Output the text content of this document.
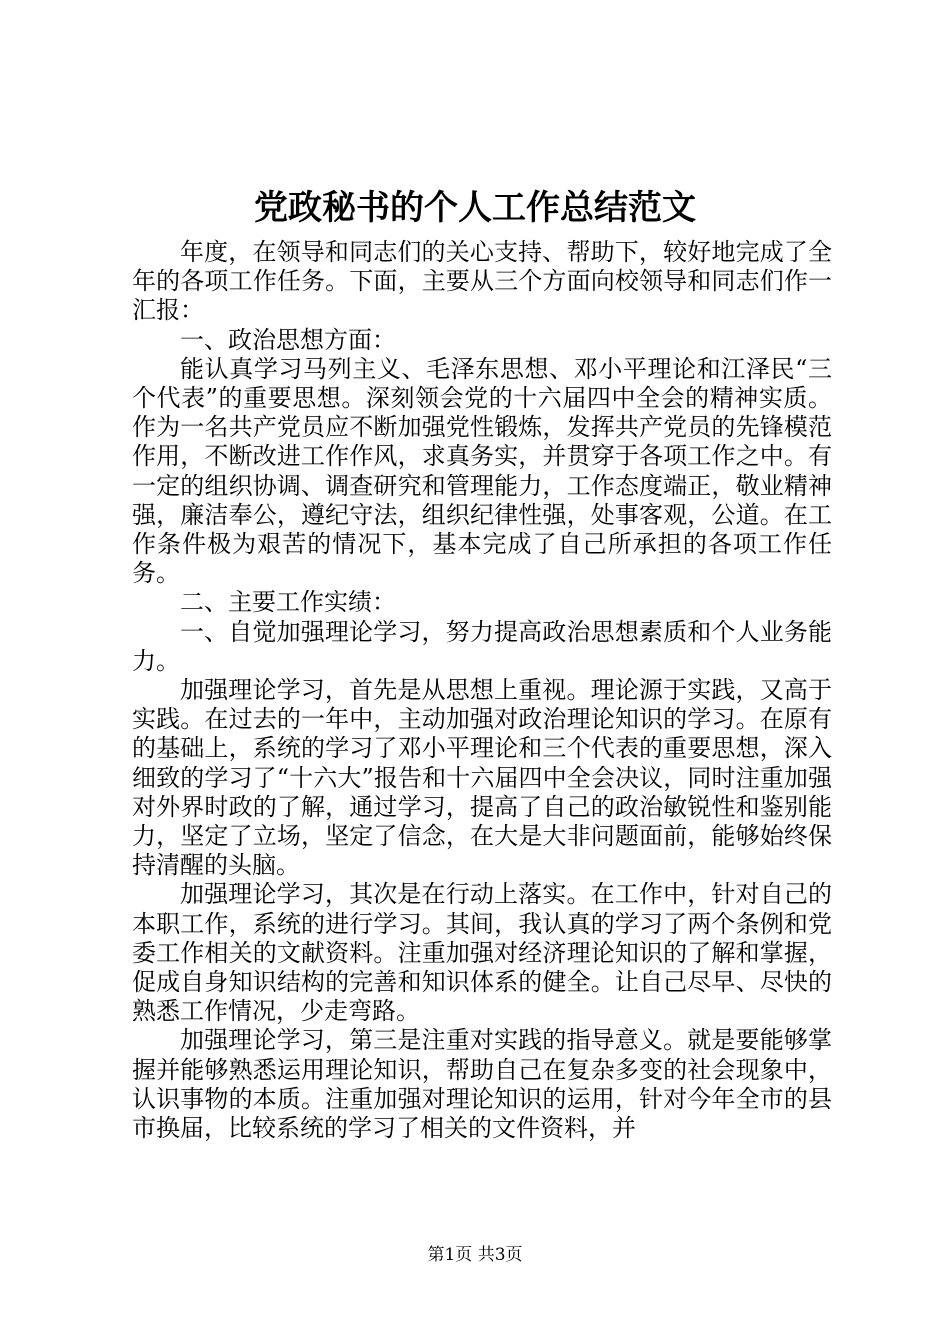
党政秘书的个人工作总结范文

年度，在领导和同志们的关心支持、帮助下，较好地完成了全年的各项工作任务。下面，主要从三个方面向校领导和同志们作一汇报：

一、政治思想方面：

能认真学习马列主义、毛泽东思想、邓小平理论和江泽民“三个代表”的重要思想。深刻领会党的十六届四中全会的精神实质。作为一名共产党员应不断加强党性锻炼，发挥共产党员的先锋模范作用，不断改进工作作风，求真务实，并贯穿于各项工作之中。有一定的组织协调、调查研究和管理能力，工作态度端正，敬业精神强，廉洁奉公，遵纪守法，组织纪律性强，处事客观，公道。在工作条件极为艰苦的情况下，基本完成了自己所承担的各项工作任务。

二、主要工作实绩：

一、自觉加强理论学习，努力提高政治思想素质和个人业务能力。

加强理论学习，首先是从思想上重视。理论源于实践，又高于实践。在过去的一年中，主动加强对政治理论知识的学习。在原有的基础上，系统的学习了邓小平理论和三个代表的重要思想，深入细致的学习了“十六大”报告和十六届四中全会决议，同时注重加强对外界时政的了解，通过学习，提高了自己的政治敏锐性和鉴别能力，坚定了立场，坚定了信念，在大是大非问题面前，能够始终保持清醒的头脑。

加强理论学习，其次是在行动上落实。在工作中，针对自己的本职工作，系统的进行学习。其间，我认真的学习了两个条例和党委工作相关的文献资料。注重加强对经济理论知识的了解和掌握，促成自身知识结构的完善和知识体系的健全。让自己尽早、尽快的熟悉工作情况，少走弯路。

加强理论学习，第三是注重对实践的指导意义。就是要能够掌握并能够熟悉运用理论知识，帮助自己在复杂多变的社会现象中，认识事物的本质。注重加强对理论知识的运用，针对今年全市的县市换届，比较系统的学习了相关的文件资料，并

第1页 共3页
